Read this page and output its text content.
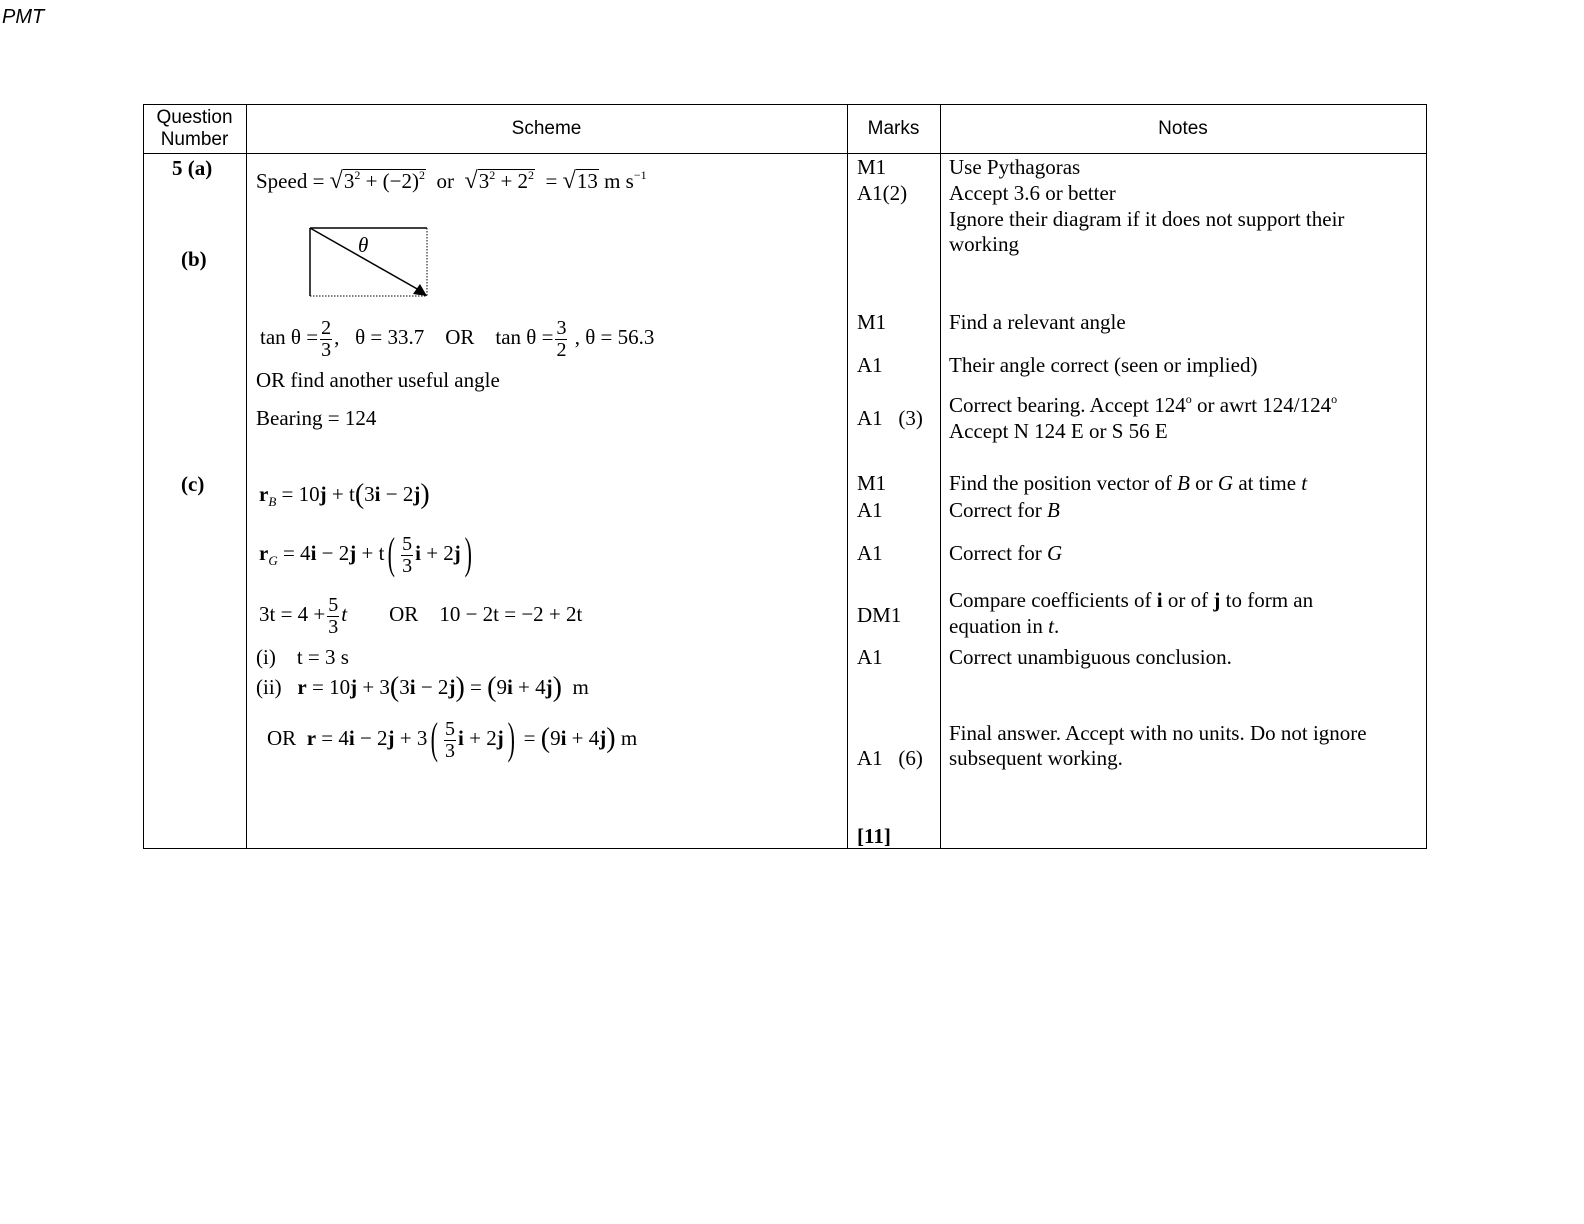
PMT
Question
Number
Scheme	Marks	Notes
5 (a)
(b)
(c)
Speed = $√3^2 + (-2)^2$ or $√3^2 + 2^2 = √13$ m $s^{-1}$
θ
$\tan \theta = \frac{2}{3}$ , θ = 33.7 OR $\tan \theta = \frac{3}{2}$ , θ = 56.3
OR find another useful angle
Bearing = 124
$r_B = 10j + t(3i - 2j)$
$r_G = 4i - 2j + t( \frac{5}{3}$ i + 2j)
$3t = 4 + \frac{5}{3}$ t OR 10 − 2t = −2 + 2t
(i) t = 3 s
(ii) r = 10j + 3(3i − 2j) = (9i + 4j)  m
OR $r = 4i - 2j + 3( \frac{5}{3}$ i + 2j) = (9i + 4j) m
M1
A1(2)
M1
A1
A1   (3)
M1
A1
A1
DM1
A1
A1   (6)
[11]
Use Pythagoras
Accept 3.6 or better
Ignore their diagram if it does not support their
working
Find a relevant angle
Their angle correct (seen or implied)
Correct bearing. Accept 124$^o$ or awrt 124/124$^o$
Accept N 124 E or S 56 E
Find the position vector of B or G at time t
Correct for B
Correct for G
Compare coefficients of i or of j to form an
equation in t.
Correct unambiguous conclusion.
Final answer. Accept with no units. Do not ignore
subsequent working.
